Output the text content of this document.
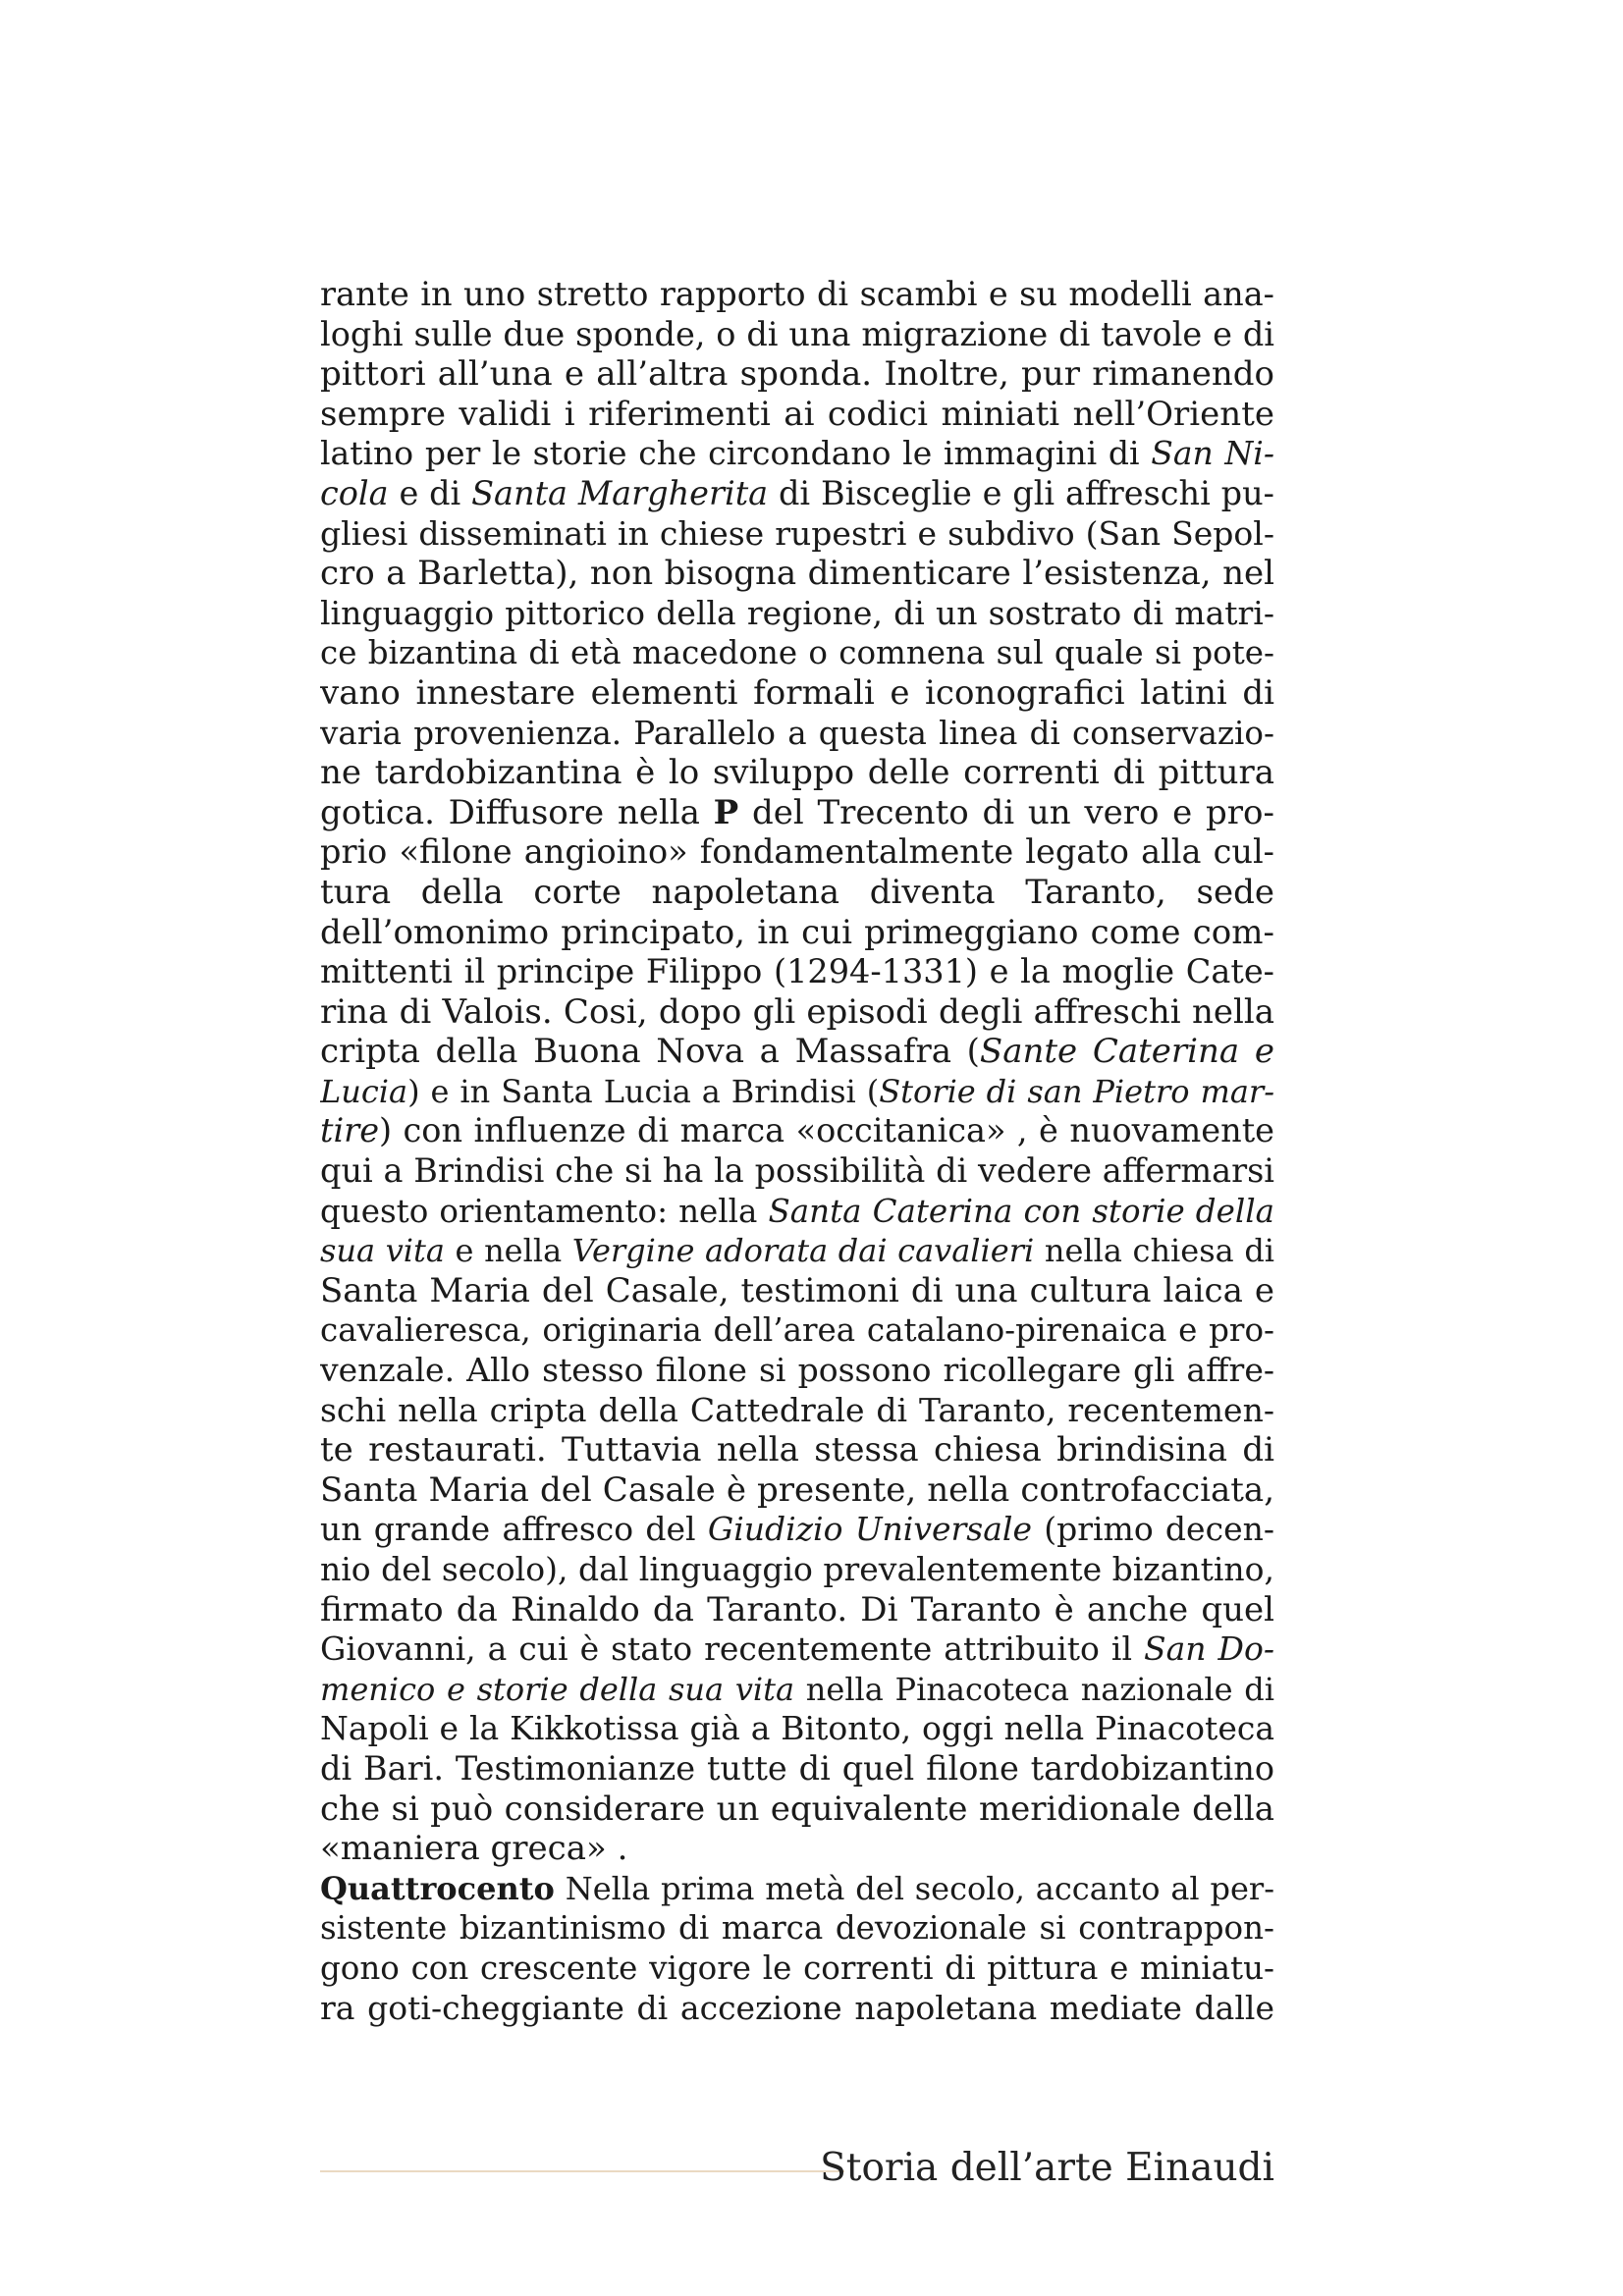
rante in uno stretto rapporto di scambi e su modelli ana-
loghi sulle due sponde, o di una migrazione di tavole e di
pittori all’una e all’altra sponda. Inoltre, pur rimanendo
sempre validi i riferimenti ai codici miniati nell’Oriente
latino per le storie che circondano le immagini di San Ni-
cola e di Santa Margherita di Bisceglie e gli affreschi pu-
gliesi disseminati in chiese rupestri e subdivo (San Sepol-
cro a Barletta), non bisogna dimenticare l’esistenza, nel
linguaggio pittorico della regione, di un sostrato di matri-
ce bizantina di età macedone o comnena sul quale si pote-
vano innestare elementi formali e iconografici latini di
varia provenienza. Parallelo a questa linea di conservazio-
ne tardobizantina è lo sviluppo delle correnti di pittura
gotica. Diffusore nella P del Trecento di un vero e pro-
prio «filone angioino» fondamentalmente legato alla cul-
tura della corte napoletana diventa Taranto, sede
dell’omonimo principato, in cui primeggiano come com-
mittenti il principe Filippo (1294-1331) e la moglie Cate-
rina di Valois. Cosi, dopo gli episodi degli affreschi nella
cripta della Buona Nova a Massafra (Sante Caterina e
Lucia) e in Santa Lucia a Brindisi (Storie di san Pietro mar-
tire) con influenze di marca «occitanica» , è nuovamente
qui a Brindisi che si ha la possibilità di vedere affermarsi
questo orientamento: nella Santa Caterina con storie della
sua vita e nella Vergine adorata dai cavalieri nella chiesa di
Santa Maria del Casale, testimoni di una cultura laica e
cavalieresca, originaria dell’area catalano-pirenaica e pro-
venzale. Allo stesso filone si possono ricollegare gli affre-
schi nella cripta della Cattedrale di Taranto, recentemen-
te restaurati. Tuttavia nella stessa chiesa brindisina di
Santa Maria del Casale è presente, nella controfacciata,
un grande affresco del Giudizio Universale (primo decen-
nio del secolo), dal linguaggio prevalentemente bizantino,
firmato da Rinaldo da Taranto. Di Taranto è anche quel
Giovanni, a cui è stato recentemente attribuito il San Do-
menico e storie della sua vita nella Pinacoteca nazionale di
Napoli e la Kikkotissa già a Bitonto, oggi nella Pinacoteca
di Bari. Testimonianze tutte di quel filone tardobizantino
che si può considerare un equivalente meridionale della
«maniera greca» .
Quattrocento Nella prima metà del secolo, accanto al per-
sistente bizantinismo di marca devozionale si contrappon-
gono con crescente vigore le correnti di pittura e miniatu-
ra goti-cheggiante di accezione napoletana mediate dalle
Storia dell’arte Einaudi
